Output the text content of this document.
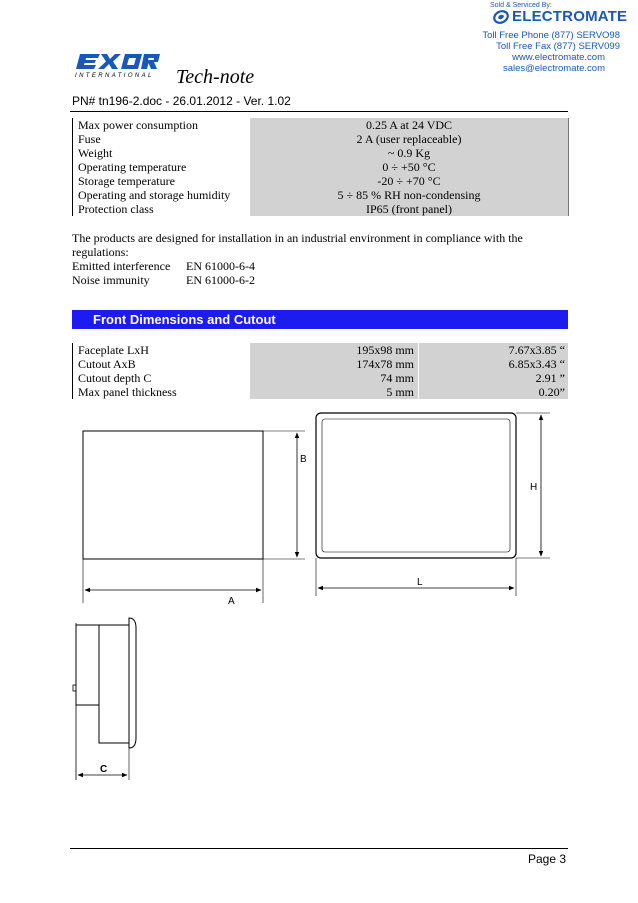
Sold & Serviced By:
ELECTROMATE
Toll Free Phone (877) SERVO98
Toll Free Fax (877) SERV099
www.electromate.com
sales@electromate.com
INTERNATIONAL Tech-note
PN# tn196-2.doc - 26.01.2012 - Ver. 1.02
Max power consumption	0.25 A at 24 VDC
Fuse	2 A (user replaceable)
Weight	~ 0.9 Kg
Operating temperature	0 ÷ +50 °C
Storage temperature	-20 ÷ +70 °C
Operating and storage humidity	5 ÷ 85 % RH non-condensing
Protection class	IP65 (front panel)
The products are designed for installation in an industrial environment in compliance with the
regulations:
Emitted interference EN 61000-6-4
Noise immunity	EN 61000-6-2
Front Dimensions and Cutout
Faceplate LxH	195x98 mm	7.67x3.85 “
Cutout AxB	174x78 mm	6.85x3.43 “
Cutout depth C	74 mm	2.91 ”
Max panel thickness	5 mm	0.20”
B
A
H
L
C
Page 3
